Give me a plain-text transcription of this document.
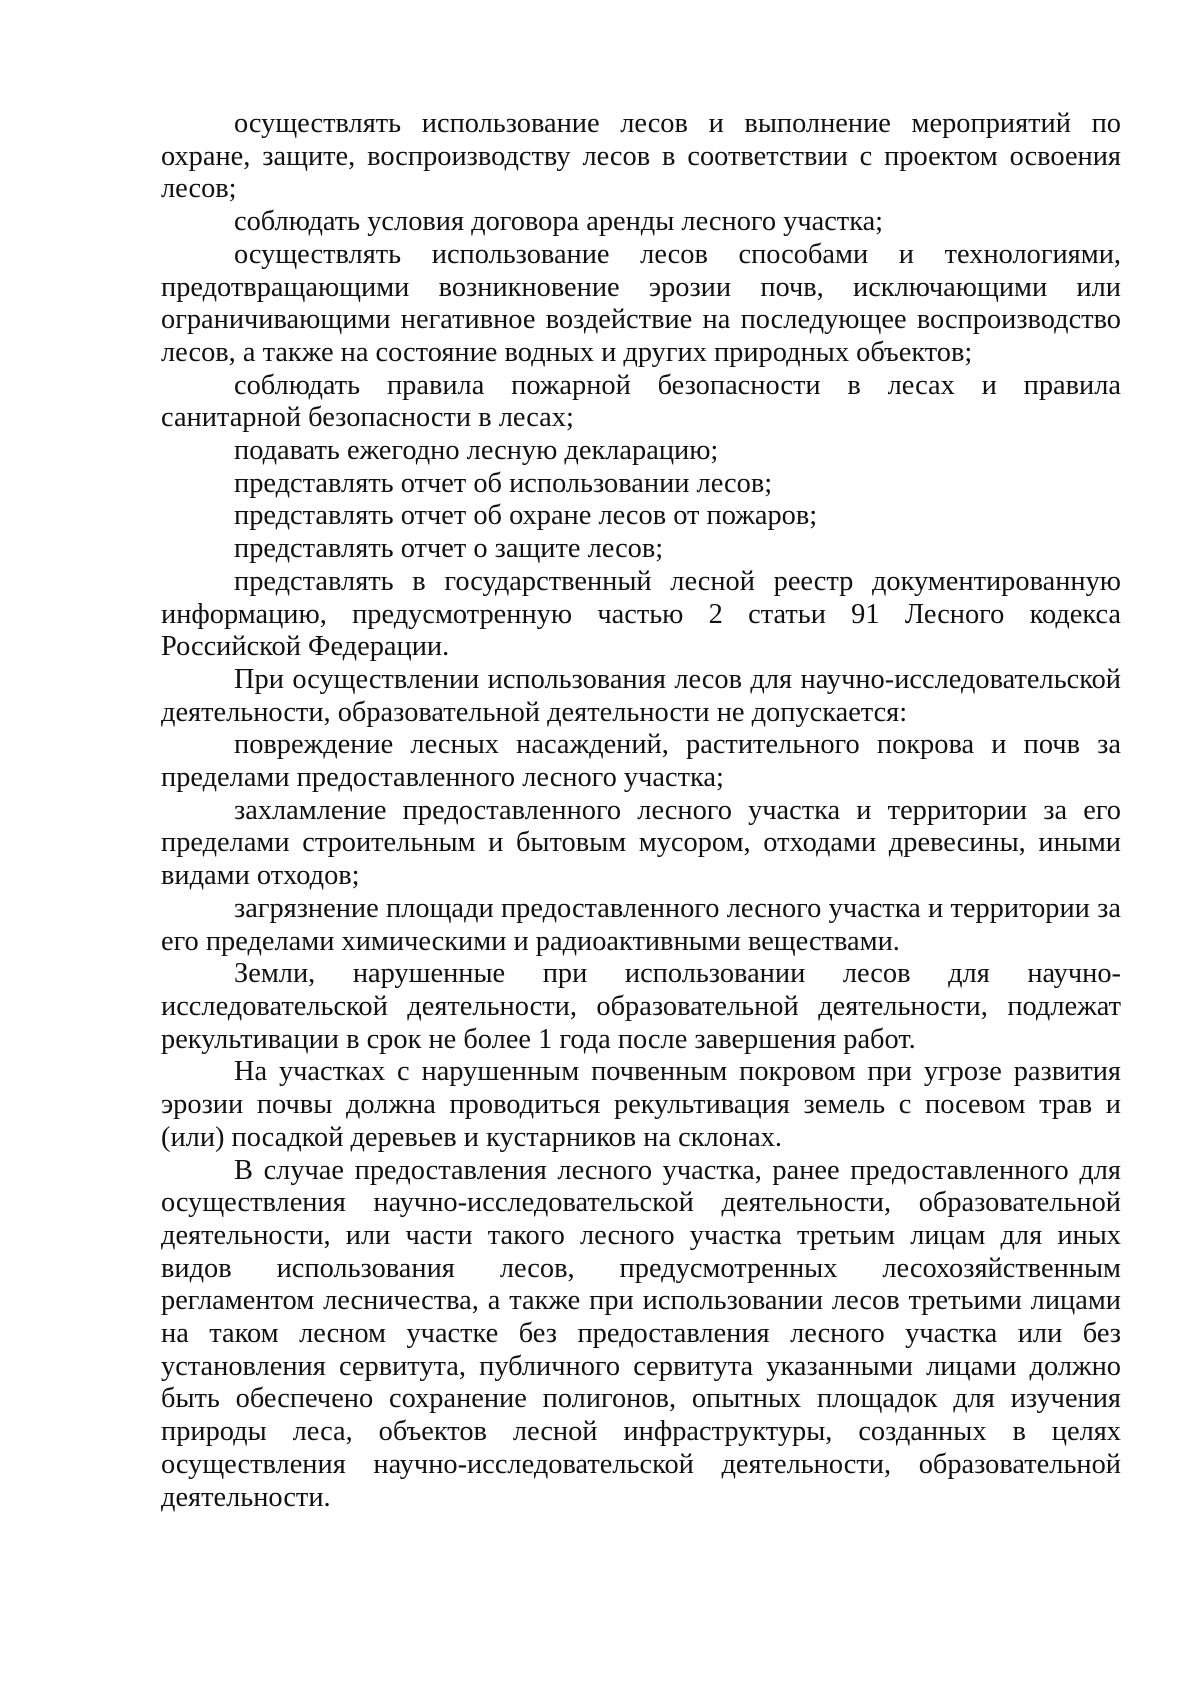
осуществлять использование лесов и выполнение мероприятий по охране, защите, воспроизводству лесов в соответствии с проектом освоения лесов;

соблюдать условия договора аренды лесного участка;

осуществлять использование лесов способами и технологиями, предотвращающими возникновение эрозии почв, исключающими или ограничивающими негативное воздействие на последующее воспроизводство лесов, а также на состояние водных и других природных объектов;

соблюдать правила пожарной безопасности в лесах и правила санитарной безопасности в лесах;

подавать ежегодно лесную декларацию;

представлять отчет об использовании лесов;

представлять отчет об охране лесов от пожаров;

представлять отчет о защите лесов;

представлять в государственный лесной реестр документированную информацию, предусмотренную частью 2 статьи 91 Лесного кодекса Российской Федерации.

При осуществлении использования лесов для научно-исследовательской деятельности, образовательной деятельности не допускается:

повреждение лесных насаждений, растительного покрова и почв за пределами предоставленного лесного участка;

захламление предоставленного лесного участка и территории за его пределами строительным и бытовым мусором, отходами древесины, иными видами отходов;

загрязнение площади предоставленного лесного участка и территории за его пределами химическими и радиоактивными веществами.

Земли, нарушенные при использовании лесов для научно-исследовательской деятельности, образовательной деятельности, подлежат рекультивации в срок не более 1 года после завершения работ.

На участках с нарушенным почвенным покровом при угрозе развития эрозии почвы должна проводиться рекультивация земель с посевом трав и (или) посадкой деревьев и кустарников на склонах.

В случае предоставления лесного участка, ранее предоставленного для осуществления научно-исследовательской деятельности, образовательной деятельности, или части такого лесного участка третьим лицам для иных видов использования лесов, предусмотренных лесохозяйственным регламентом лесничества, а также при использовании лесов третьими лицами на таком лесном участке без предоставления лесного участка или без установления сервитута, публичного сервитута указанными лицами должно быть обеспечено сохранение полигонов, опытных площадок для изучения природы леса, объектов лесной инфраструктуры, созданных в целях осуществления научно-исследовательской деятельности, образовательной деятельности.
